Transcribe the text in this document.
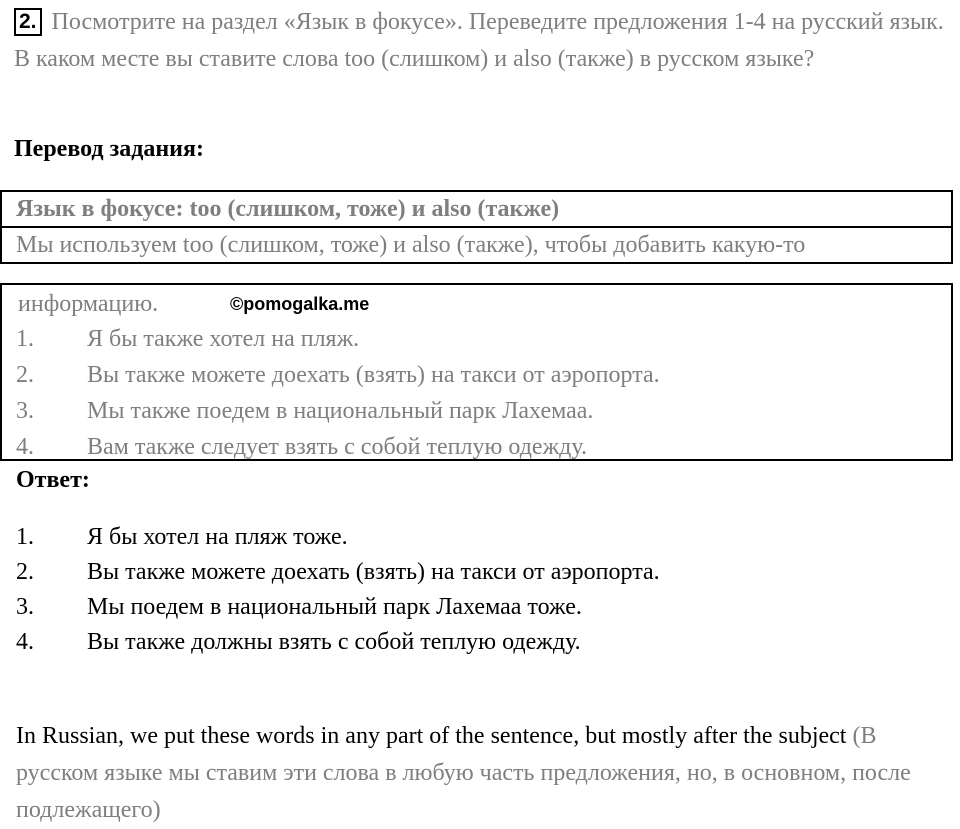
2. Посмотрите на раздел «Язык в фокусе». Переведите предложения 1-4 на русский язык. В каком месте вы ставите слова too (слишком) и also (также) в русском языке?
Перевод задания:
Язык в фокусе: too (слишком, тоже) и also (также)
Мы используем too (слишком, тоже) и also (также), чтобы добавить какую-то
информацию.	©pomogalka.me
1. Я бы также хотел на пляж.
2. Вы также можете доехать (взять) на такси от аэропорта.
3. Мы также поедем в национальный парк Лахемаа.
4. Вам также следует взять с собой теплую одежду.
Ответ:
1. Я бы хотел на пляж тоже.
2. Вы также можете доехать (взять) на такси от аэропорта.
3. Мы поедем в национальный парк Лахемаа тоже.
4. Вы также должны взять с собой теплую одежду.
In Russian, we put these words in any part of the sentence, but mostly after the subject (В русском языке мы ставим эти слова в любую часть предложения, но, в основном, после подлежащего)
